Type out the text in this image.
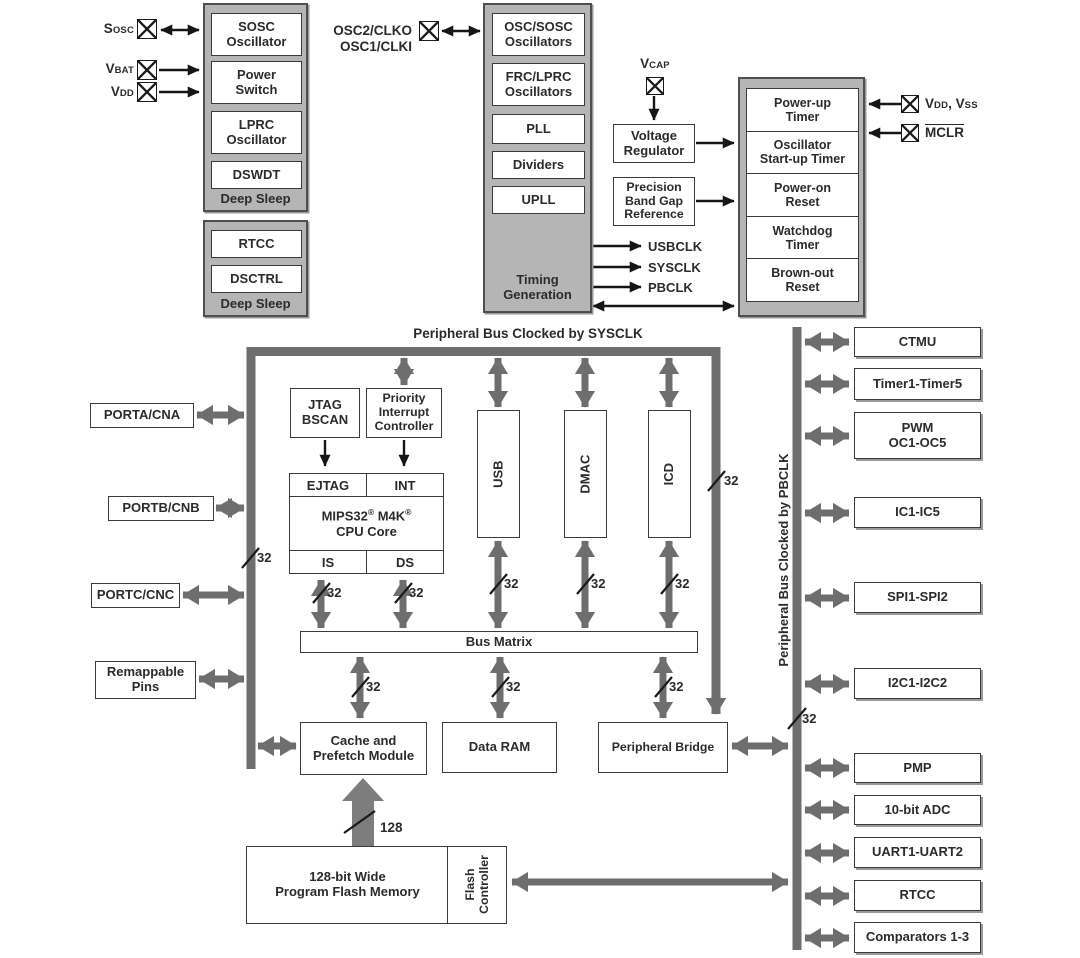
SOSC
VBAT
VDD
OSC2/CLKO
OSC1/CLKI
SOSC
Oscillator
Power
Switch
LPRC
Oscillator
DSWDT
Deep Sleep
RTCC
DSCTRL
Deep Sleep
OSC/SOSC
Oscillators
FRC/LPRC
Oscillators
PLL
Dividers
UPLL
Timing
Generation
VCAP
Voltage
Regulator
Precision
Band Gap
Reference
Power-up
Timer
Oscillator
Start-up Timer
Power-on
Reset
Watchdog
Timer
Brown-out
Reset
VDD, VSS
MCLR
USBCLK
SYSCLK
PBCLK
Peripheral Bus Clocked by SYSCLK
PORTA/CNA
PORTB/CNB
PORTC/CNC
Remappable
Pins
JTAG
BSCAN
Priority
Interrupt
Controller
EJTAG	INT
MIPS32® M4K®
CPU Core
IS	DS
USB	DMAC	ICD
Bus Matrix
Cache and
Prefetch Module
Data RAM	Peripheral Bridge
128-bit Wide
Program Flash Memory	Flash
Controller
32
32
32	32
32	32	32
32	32	32
32
128
Peripheral Bus Clocked by PBCLK
CTMU
Timer1-Timer5
PWM
OC1-OC5
IC1-IC5
SPI1-SPI2
I2C1-I2C2
PMP
10-bit ADC
UART1-UART2
RTCC
Comparators 1-3
